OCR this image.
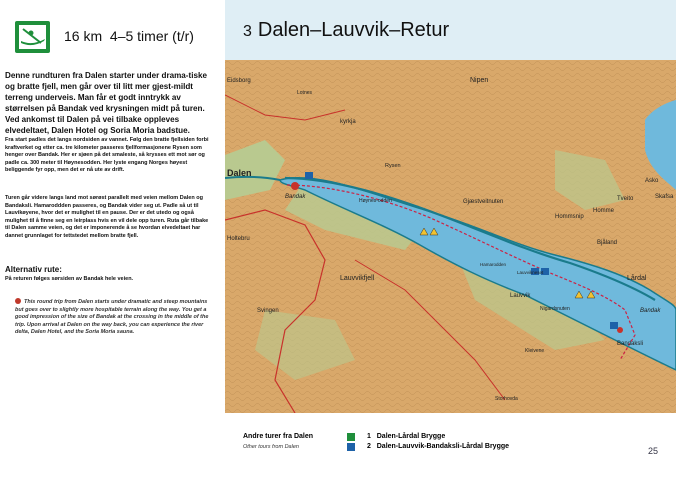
16 km 4–5 timer (t/r)	3 Dalen–Lauvvik–Retur
Denne rundturen fra Dalen starter under drama-tiske og bratte fjell, men går over til litt mer gjest-mildt terreng underveis. Man får et godt inntrykk av størrelsen på Bandak ved krysningen midt på turen. Ved ankomst til Dalen på vei tilbake oppleves elvedeltaet, Dalen Hotel og Soria Moria badstue.
Fra start padles det langs nordsiden av vannet. Følg den bratte fjellsiden forbi kraftverket og etter ca. tre kilometer passeres fjellformasjonene Rysen som henger over Bandak. Her er sjøen på det smaleste, så krysses ett mot sør og padle ca. 300 meter til Høynesodden. Her lyste engang Norges høyest beliggende fyr opp, men det er nå ute av drift.
Turen går videre langs land mot sørøst parallelt med veien mellom Dalen og Bandaksli. Hamaroddden passeres, og Bandak vider seg ut. Padle så ut til Lauvikøyene, hvor det er mulighet til en pause. Der er det utedo og også mulighet til å finne seg en leirplass hvis en vil dele opp turen. Ruta går tilbake til Dalen samme veien, og det er imponerende å se hvordan elvedeltaet har dannet grunnlaget for tettstedet mellom bratte fjell.
Alternativ rute:
På returen følges sørsiden av Bandak hele veien.
This round trip from Dalen starts under dramatic and steep mountains but goes over to slightly more hospitable terrain along the way. You get a good impression of the size of Bandak at the crossing in the middle of the trip. Upon arrival at Dalen on the way back, you can experience the river delta, Dalen Hotel, and the Soria Moria sauna.
Dalen
Bandak
Bandak
Lauvvikfjell
Lauvvik
Lårdal
Bandaksli
Rysen
Høynes-odden
Nipen
Homme
Hommsnip
Bjåland
kyrkja
Holtebru
Svingen
Eidsborg
Lotnes
Tveito	Skafsa
Asko
Lauvvikneset
Gjæstveitnuten
Hamarodden
Kleivene
Nigardsnuten
Storhovda
Andre turer fra Dalen
Other tours from Dalen
1
Dalen-Lårdal Brygge
2
Dalen-Lauvvik-Bandaksli-Lårdal Brygge	25
